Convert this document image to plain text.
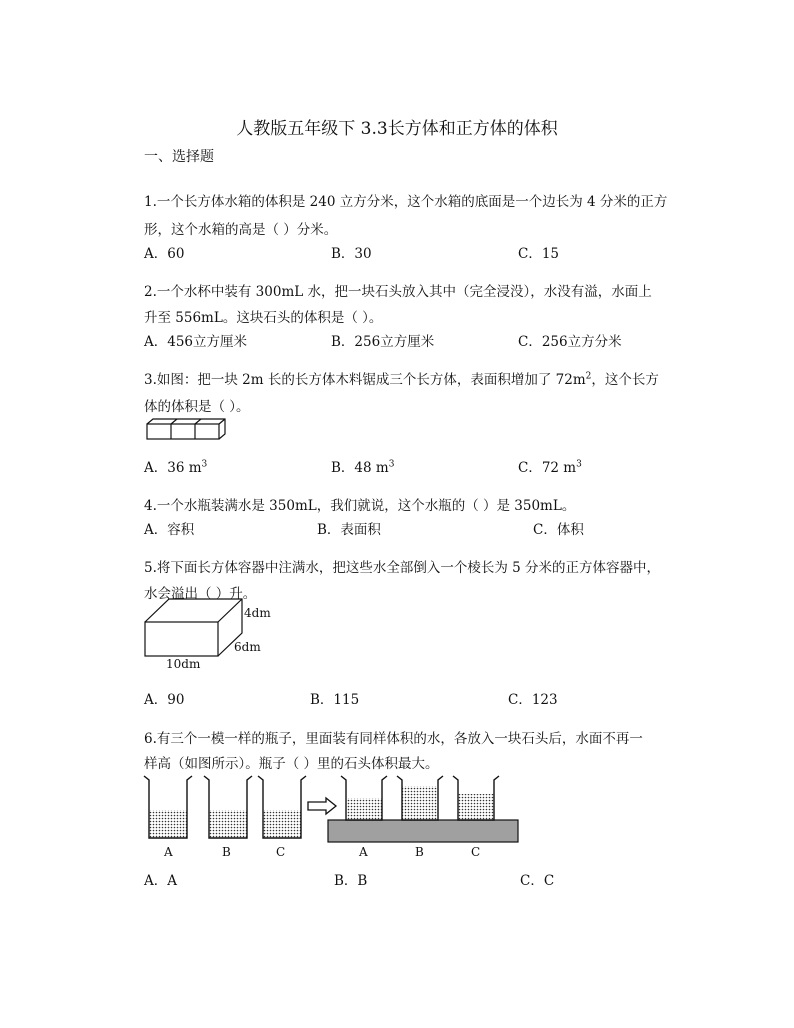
人教版五年级下 3.3长方体和正方体的体积
一、选择题
1.一个长方体水箱的体积是 240 立方分米，这个水箱的底面是一个边长为 4 分米的正方
形，这个水箱的高是（ ）分米。
A．60	B．30	C．15
2.一个水杯中装有 300mL 水，把一块石头放入其中（完全浸没），水没有溢，水面上
升至 556mL。这块石头的体积是（ ）。
A．456立方厘米	B．256立方厘米	C．256立方分米
3.如图：把一块 2m 长的长方体木料锯成三个长方体，表面积增加了 $72m^2$，这个长方
体的体积是（ ）。
A．36 $m^3$	B．48 $m^3$	C．72 $m^3$
4.一个水瓶装满水是 350mL，我们就说，这个水瓶的（ ）是 350mL。
A．容积	B．表面积	C．体积
5.将下面长方体容器中注满水，把这些水全部倒入一个棱长为 5 分米的正方体容器中，
水会溢出（ ）升。
4dm
6dm
10dm
A．90	B．115	C．123
6.有三个一模一样的瓶子，里面装有同样体积的水，各放入一块石头后，水面不再一
样高（如图所示）。瓶子（ ）里的石头体积最大。
A	B	C	A	B	C
A．A	B．B	C．C
